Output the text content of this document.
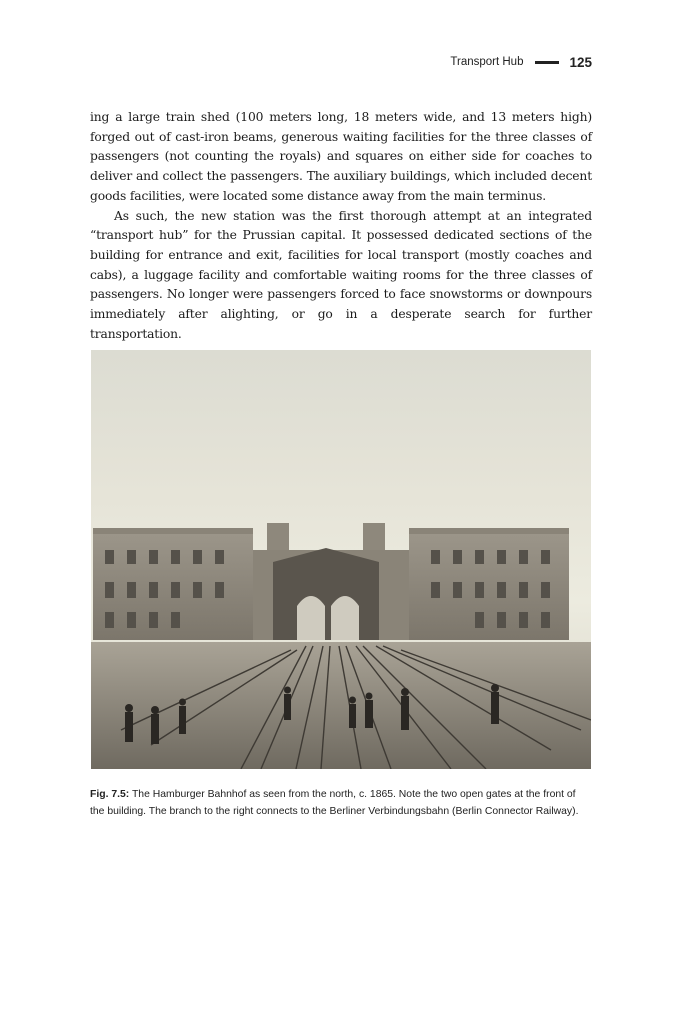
Transport Hub	125

ing a large train shed (100 meters long, 18 meters wide, and 13 meters high) forged out of cast-iron beams, generous waiting facilities for the three classes of passengers (not counting the royals) and squares on either side for coaches to deliver and collect the passengers. The auxiliary buildings, which included decent goods facilities, were located some distance away from the main terminus.

As such, the new station was the first thorough attempt at an integrated “transport hub” for the Prussian capital. It possessed dedicated sections of the building for entrance and exit, facilities for local transport (mostly coaches and cabs), a luggage facility and comfortable waiting rooms for the three classes of passengers. No longer were passengers forced to face snowstorms or downpours immediately after alighting, or go in a desperate search for further transportation.

Fig. 7.5: The Hamburger Bahnhof as seen from the north, c. 1865. Note the two open gates at the front of the building. The branch to the right connects to the Berliner Verbindungsbahn (Berlin Connector Railway).
